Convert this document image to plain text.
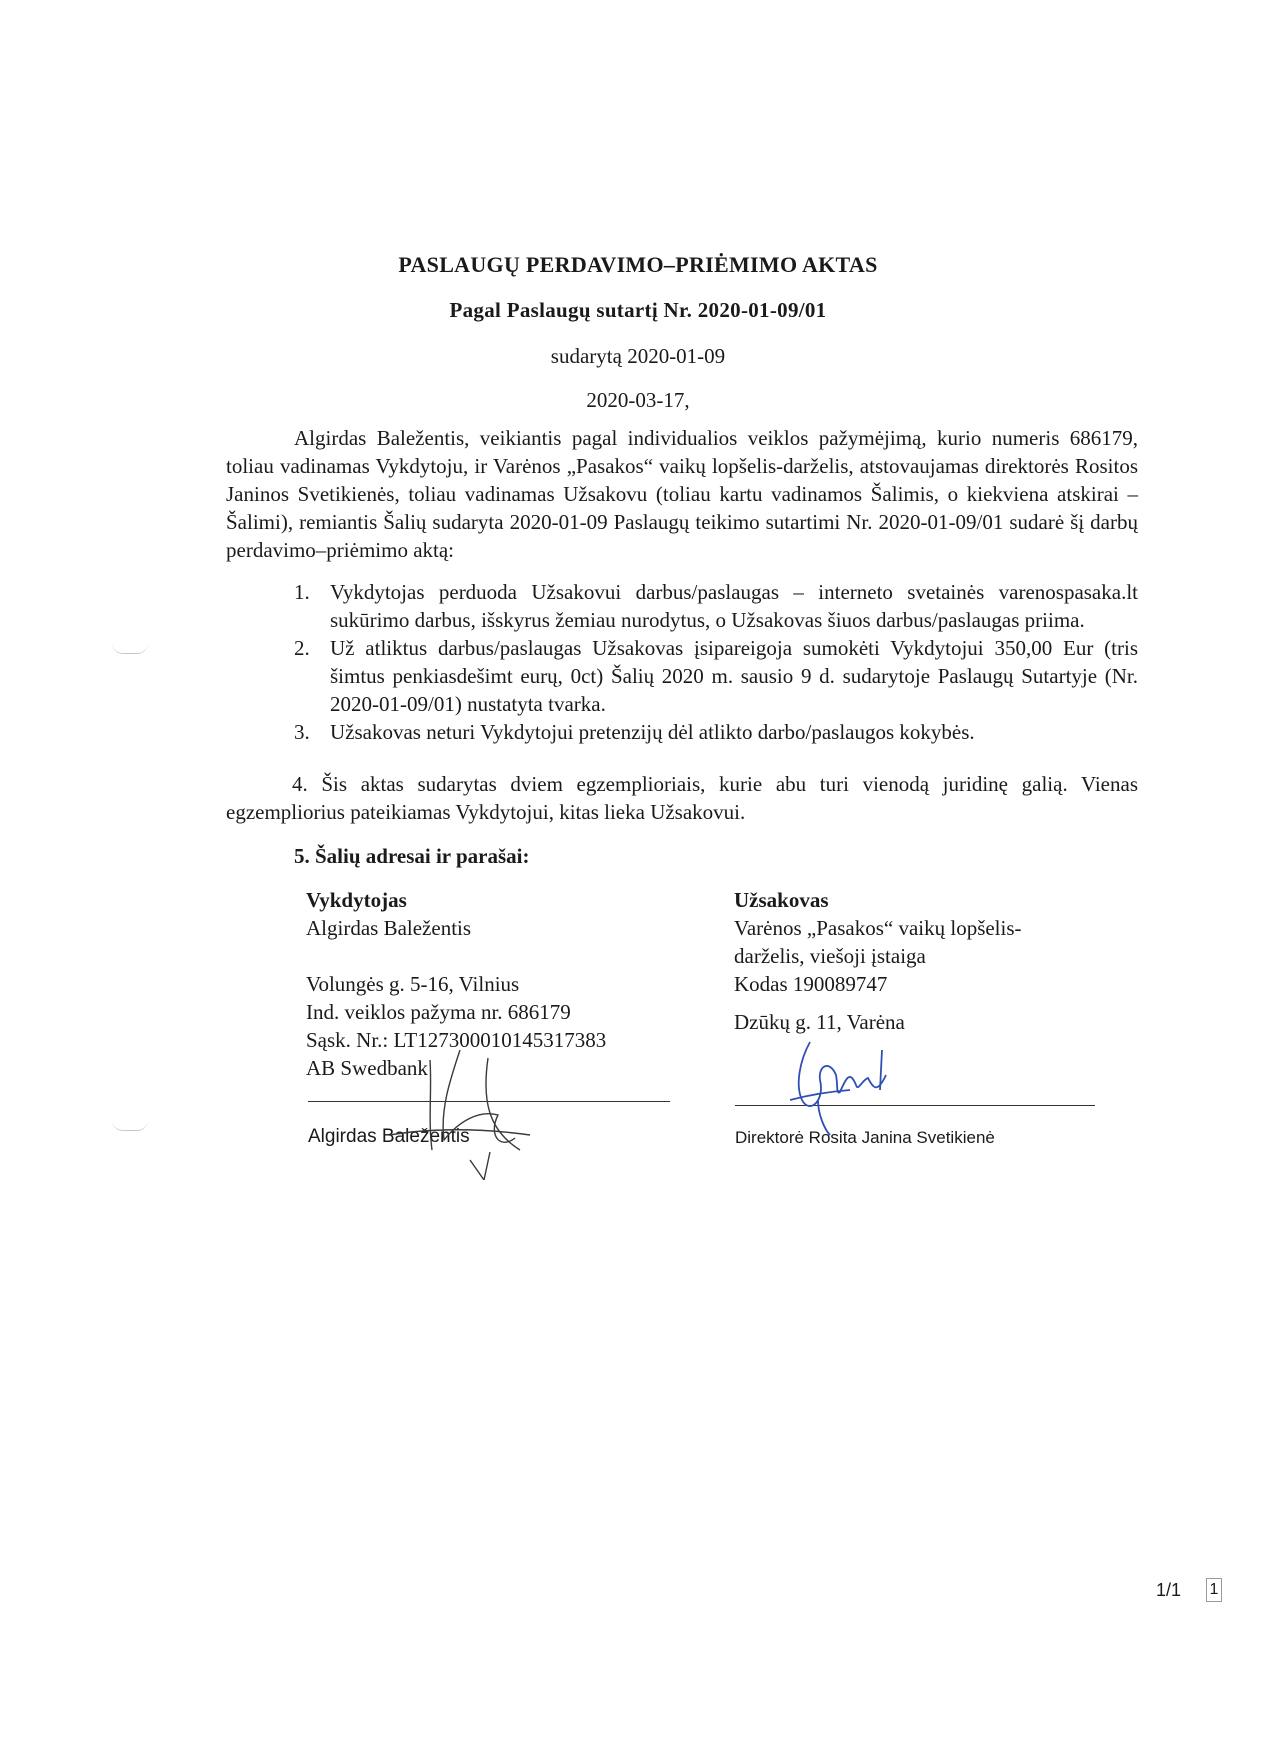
PASLAUGŲ PERDAVIMO–PRIĖMIMO AKTAS
Pagal Paslaugų sutartį Nr. 2020-01-09/01
sudarytą 2020-01-09
2020-03-17,
Algirdas Baležentis, veikiantis pagal individualios veiklos pažymėjimą, kurio numeris 686179, toliau vadinamas Vykdytoju, ir Varėnos „Pasakos“ vaikų lopšelis-darželis, atstovaujamas direktorės Rositos Janinos Svetikienės, toliau vadinamas Užsakovu (toliau kartu vadinamos Šalimis, o kiekviena atskirai – Šalimi), remiantis Šalių sudaryta 2020-01-09 Paslaugų teikimo sutartimi Nr. 2020-01-09/01 sudarė šį darbų perdavimo–priėmimo aktą:
1. Vykdytojas perduoda Užsakovui darbus/paslaugas – interneto svetainės varenospasaka.lt sukūrimo darbus, išskyrus žemiau nurodytus, o Užsakovas šiuos darbus/paslaugas priima.
2. Už atliktus darbus/paslaugas Užsakovas įsipareigoja sumokėti Vykdytojui 350,00 Eur (tris šimtus penkiasdešimt eurų, 0ct) Šalių 2020 m. sausio 9 d. sudarytoje Paslaugų Sutartyje (Nr. 2020-01-09/01) nustatyta tvarka.
3. Užsakovas neturi Vykdytojui pretenzijų dėl atlikto darbo/paslaugos kokybės.
4. Šis aktas sudarytas dviem egzemplioriais, kurie abu turi vienodą juridinę galią. Vienas egzempliorius pateikiamas Vykdytojui, kitas lieka Užsakovui.
5. Šalių adresai ir parašai:
Vykdytojas
Algirdas Baležentis
Volungės g. 5-16, Vilnius
Ind. veiklos pažyma nr. 686179
Sąsk. Nr.: LT127300010145317383
AB Swedbank
Algirdas Baležentis
Užsakovas
Varėnos „Pasakos“ vaikų lopšelis-
darželis, viešoji įstaiga
Kodas 190089747
Dzūkų g. 11, Varėna
Direktorė Rosita Janina Svetikienė
1/1 1
